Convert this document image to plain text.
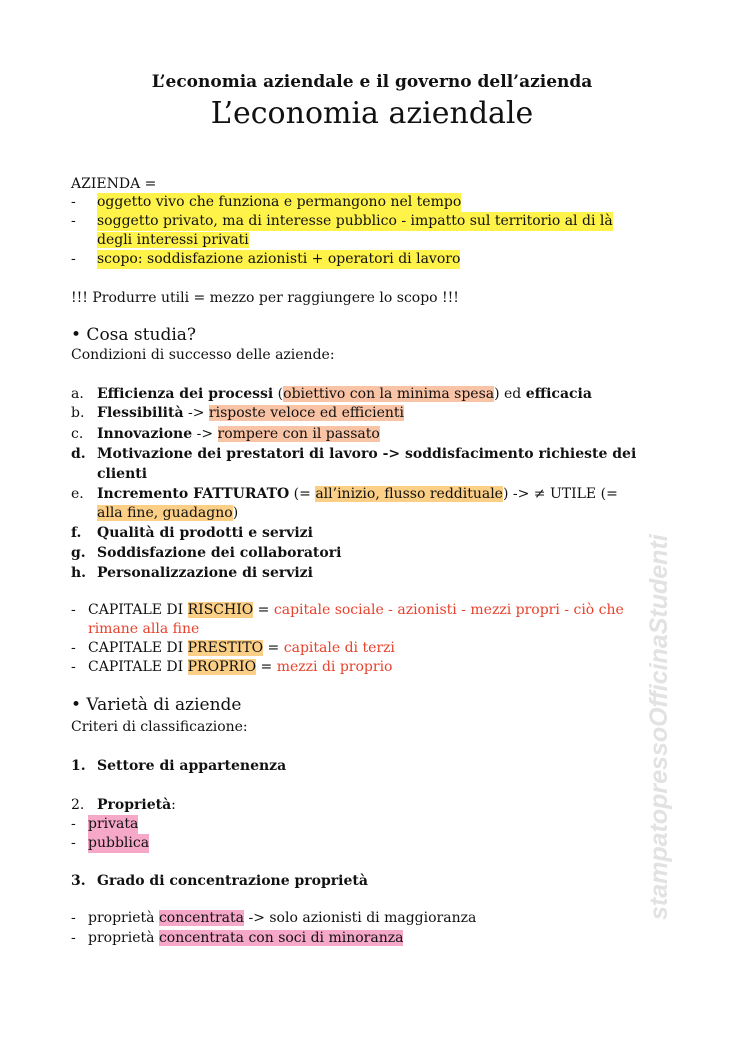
L’economia aziendale e il governo dell’azienda
L’economia aziendale
AZIENDA =
- oggetto vivo che funziona e permangono nel tempo
- soggetto privato, ma di interesse pubblico - impatto sul territorio al di là
degli interessi privati
- scopo: soddisfazione azionisti + operatori di lavoro
!!! Produrre utili = mezzo per raggiungere lo scopo !!!
• Cosa studia?
Condizioni di successo delle aziende:
a. Efficienza dei processi (obiettivo con la minima spesa) ed efficacia
b. Flessibilità -> risposte veloce ed efficienti
c. Innovazione -> rompere con il passato
d. Motivazione dei prestatori di lavoro -> soddisfacimento richieste dei
clienti
e. Incremento FATTURATO (= all’inizio, flusso reddituale) -> ≠ UTILE (=
alla fine, guadagno)
f. Qualità di prodotti e servizi
g. Soddisfazione dei collaboratori
h. Personalizzazione di servizi
- CAPITALE DI RISCHIO = capitale sociale - azionisti - mezzi propri - ciò che
rimane alla fine
- CAPITALE DI PRESTITO = capitale di terzi
- CAPITALE DI PROPRIO = mezzi di proprio
• Varietà di aziende
Criteri di classificazione:
1. Settore di appartenenza
2. Proprietà:
- privata
- pubblica
3. Grado di concentrazione proprietà
- proprietà concentrata -> solo azionisti di maggioranza
- proprietà concentrata con soci di minoranza
stampatopressoOfficinaStudenti
